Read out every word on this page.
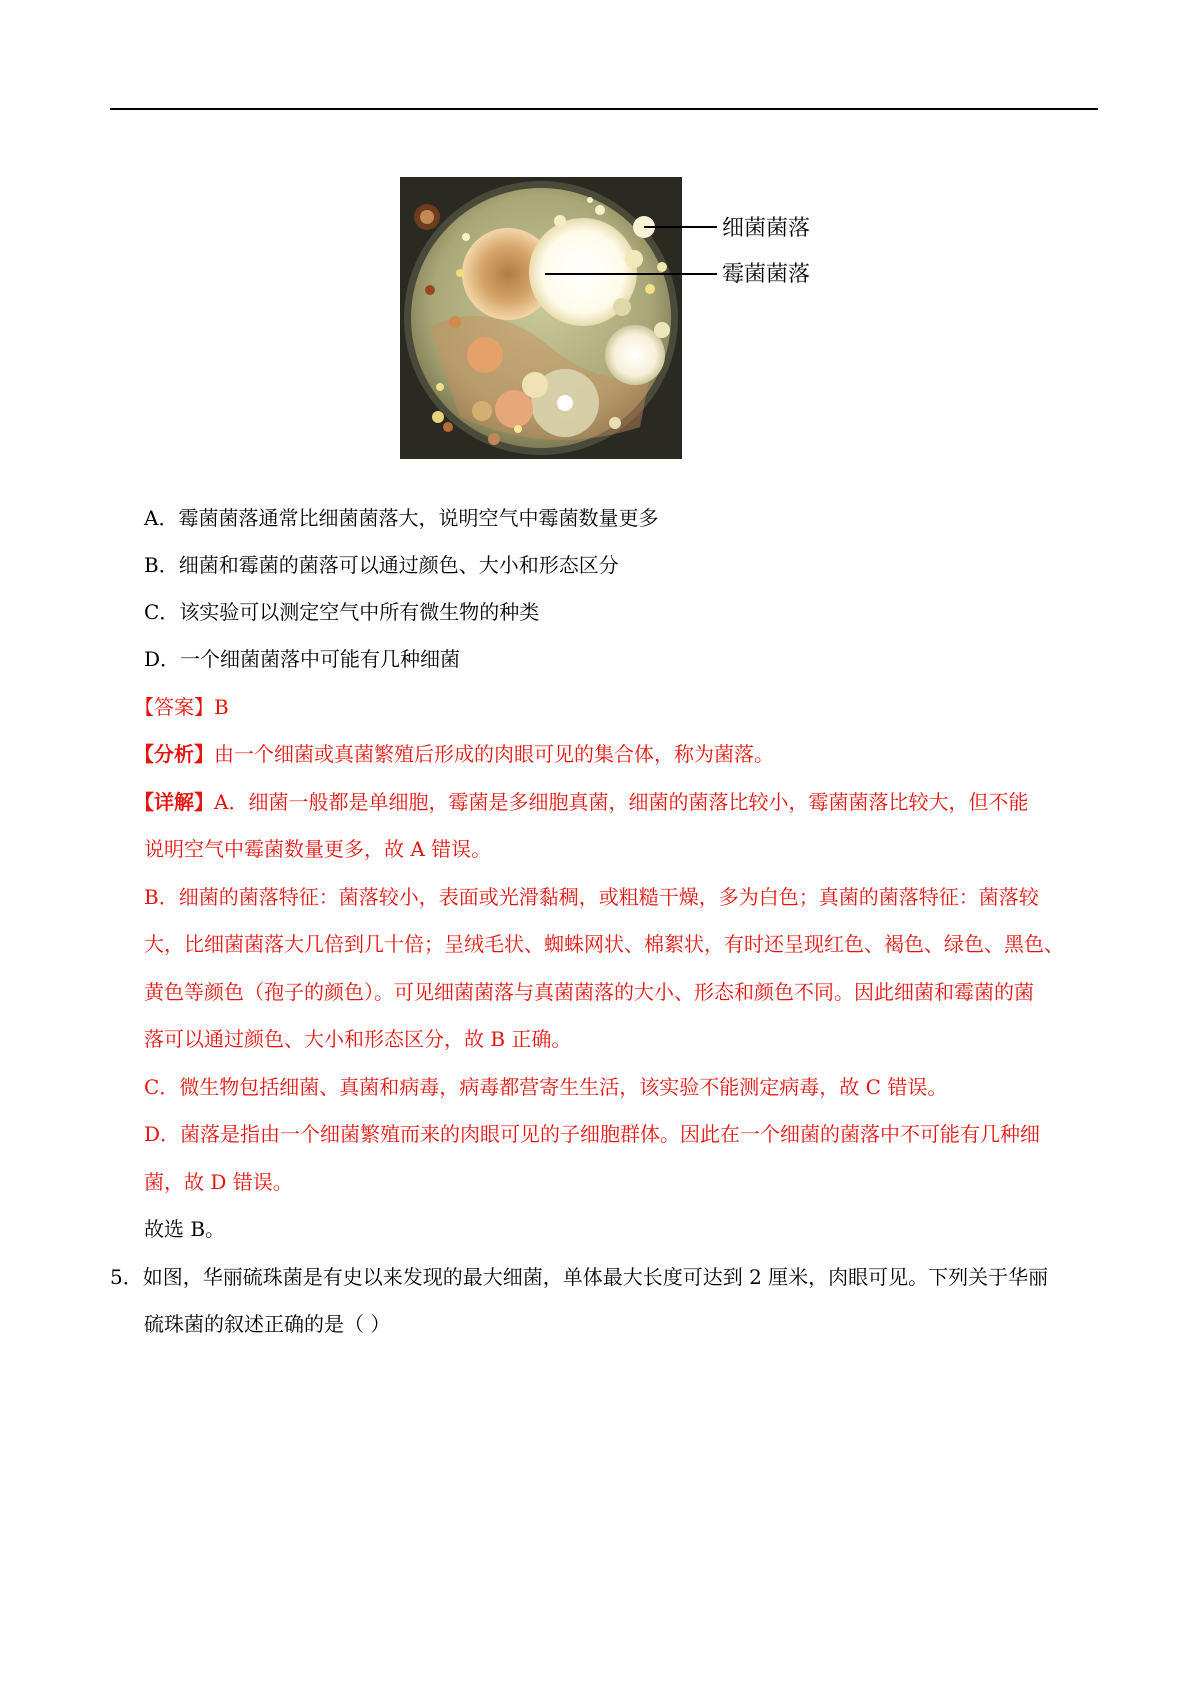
细菌菌落
霉菌菌落
A．霉菌菌落通常比细菌菌落大，说明空气中霉菌数量更多
B．细菌和霉菌的菌落可以通过颜色、大小和形态区分
C．该实验可以测定空气中所有微生物的种类
D．一个细菌菌落中可能有几种细菌
【答案】B
【分析】由一个细菌或真菌繁殖后形成的肉眼可见的集合体，称为菌落。
【详解】A．细菌一般都是单细胞，霉菌是多细胞真菌，细菌的菌落比较小，霉菌菌落比较大，但不能
说明空气中霉菌数量更多，故 A 错误。
B．细菌的菌落特征：菌落较小，表面或光滑黏稠，或粗糙干燥，多为白色；真菌的菌落特征：菌落较
大，比细菌菌落大几倍到几十倍；呈绒毛状、蜘蛛网状、棉絮状，有时还呈现红色、褐色、绿色、黑色、
黄色等颜色（孢子的颜色）。可见细菌菌落与真菌菌落的大小、形态和颜色不同。因此细菌和霉菌的菌
落可以通过颜色、大小和形态区分，故 B 正确。
C．微生物包括细菌、真菌和病毒，病毒都营寄生生活，该实验不能测定病毒，故 C 错误。
D．菌落是指由一个细菌繁殖而来的肉眼可见的子细胞群体。因此在一个细菌的菌落中不可能有几种细
菌，故 D 错误。
故选 B。
5．如图，华丽硫珠菌是有史以来发现的最大细菌，单体最大长度可达到 2 厘米，肉眼可见。下列关于华丽
硫珠菌的叙述正确的是（ ）
